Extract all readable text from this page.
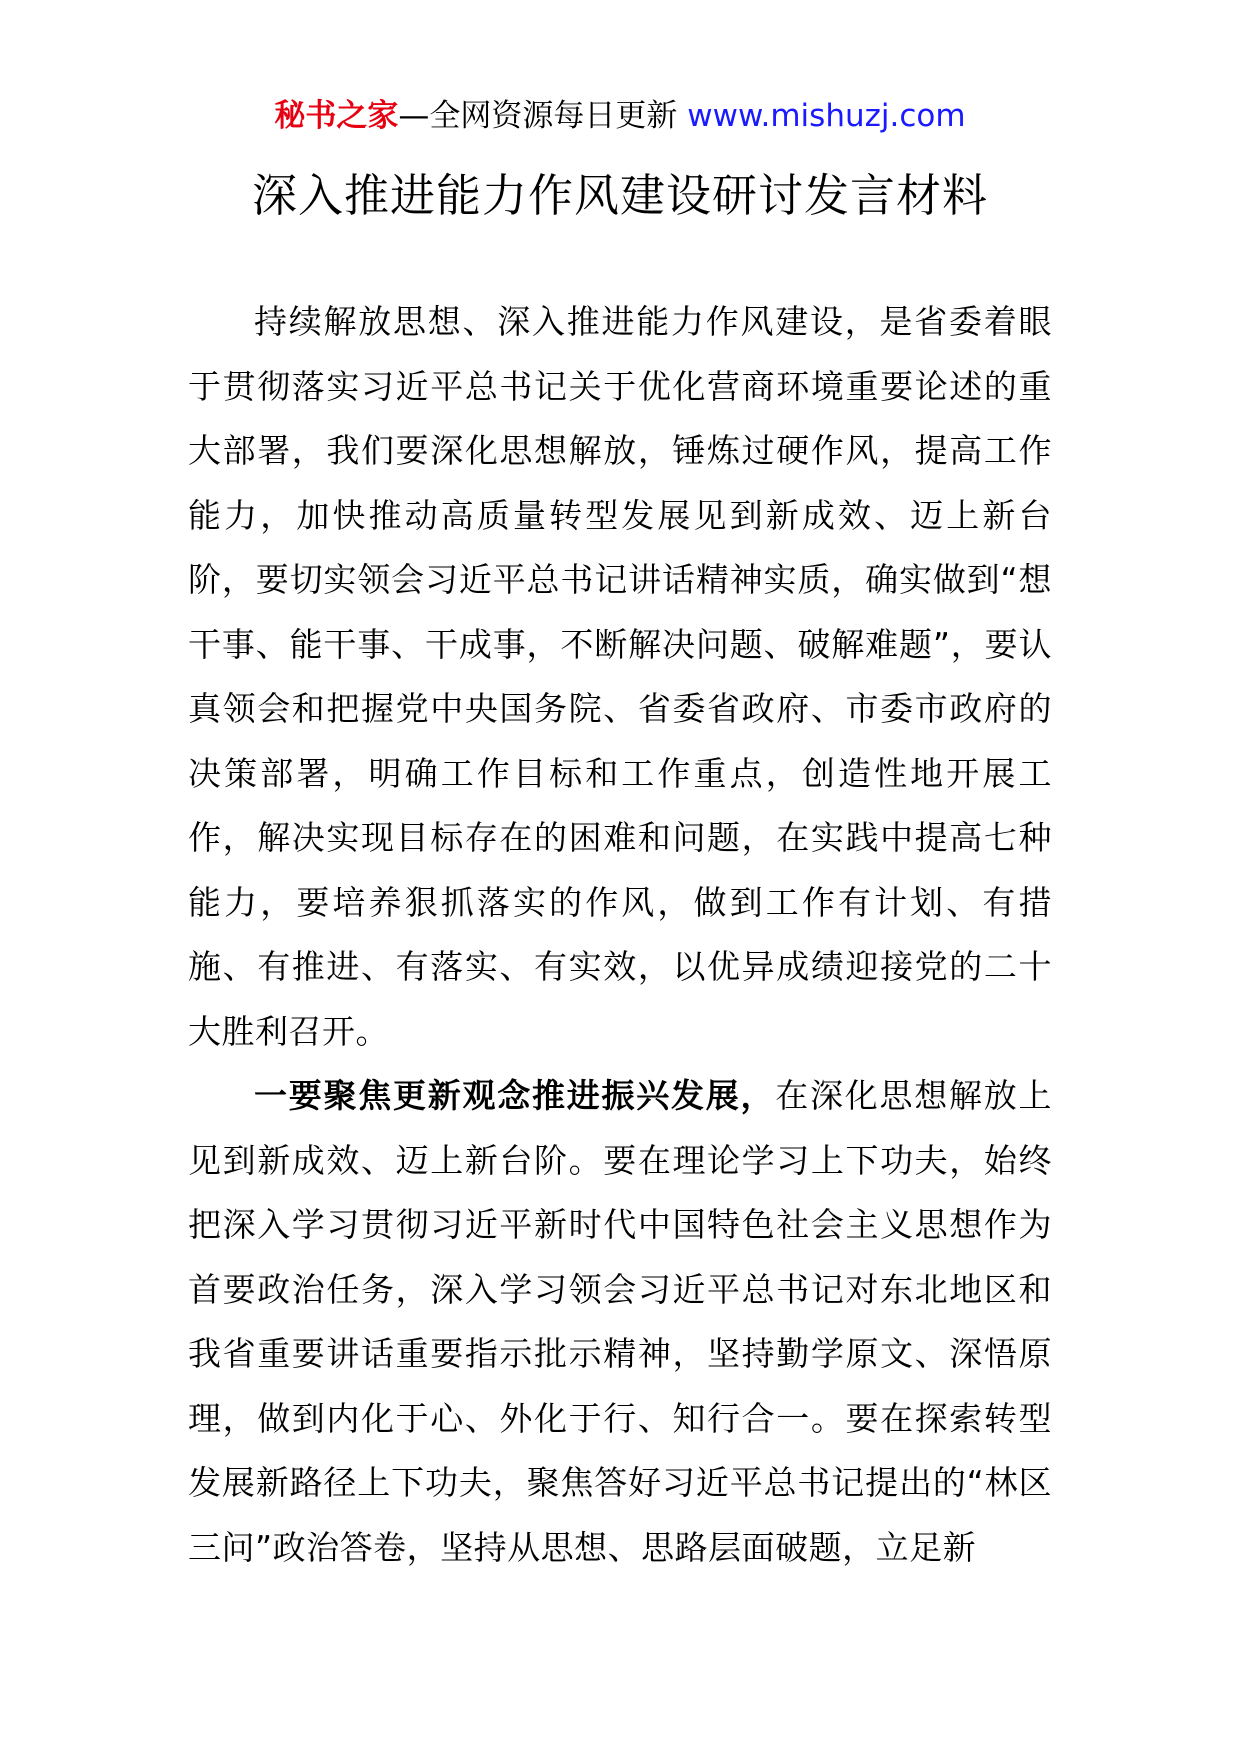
秘书之家—全网资源每日更新 www.mishuzj.com
深入推进能力作风建设研讨发言材料

持续解放思想、深入推进能力作风建设，是省委着眼于贯彻落实习近平总书记关于优化营商环境重要论述的重大部署，我们要深化思想解放，锤炼过硬作风，提高工作能力，加快推动高质量转型发展见到新成效、迈上新台阶，要切实领会习近平总书记讲话精神实质，确实做到“想干事、能干事、干成事，不断解决问题、破解难题”，要认真领会和把握党中央国务院、省委省政府、市委市政府的决策部署，明确工作目标和工作重点，创造性地开展工作，解决实现目标存在的困难和问题，在实践中提高七种能力，要培养狠抓落实的作风，做到工作有计划、有措施、有推进、有落实、有实效，以优异成绩迎接党的二十大胜利召开。

一要聚焦更新观念推进振兴发展，在深化思想解放上见到新成效、迈上新台阶。要在理论学习上下功夫，始终把深入学习贯彻习近平新时代中国特色社会主义思想作为首要政治任务，深入学习领会习近平总书记对东北地区和我省重要讲话重要指示批示精神，坚持勤学原文、深悟原理，做到内化于心、外化于行、知行合一。要在探索转型发展新路径上下功夫，聚焦答好习近平总书记提出的“林区三问”政治答卷，坚持从思想、思路层面破题，立足新
